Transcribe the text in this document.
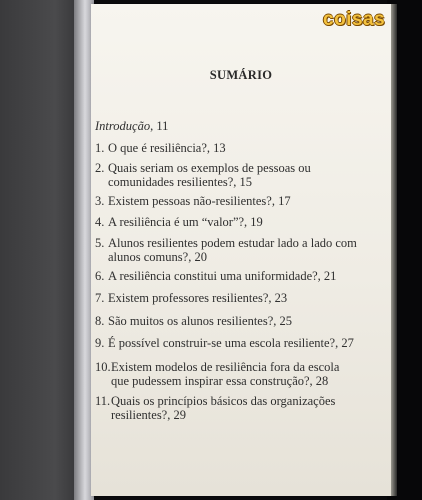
SUMÁRIO
Introdução, 11
1. O que é resiliência?, 13
2. Quais seriam os exemplos de pessoas ou
comunidades resilientes?, 15
3. Existem pessoas não-resilientes?, 17
4. A resiliência é um “valor”?, 19
5. Alunos resilientes podem estudar lado a lado com
alunos comuns?, 20
6. A resiliência constitui uma uniformidade?, 21
7. Existem professores resilientes?, 23
8. São muitos os alunos resilientes?, 25
9. É possível construir-se uma escola resiliente?, 27
10.Existem modelos de resiliência fora da escola
que pudessem inspirar essa construção?, 28
11.Quais os princípios básicos das organizações
resilientes?, 29
coisas
